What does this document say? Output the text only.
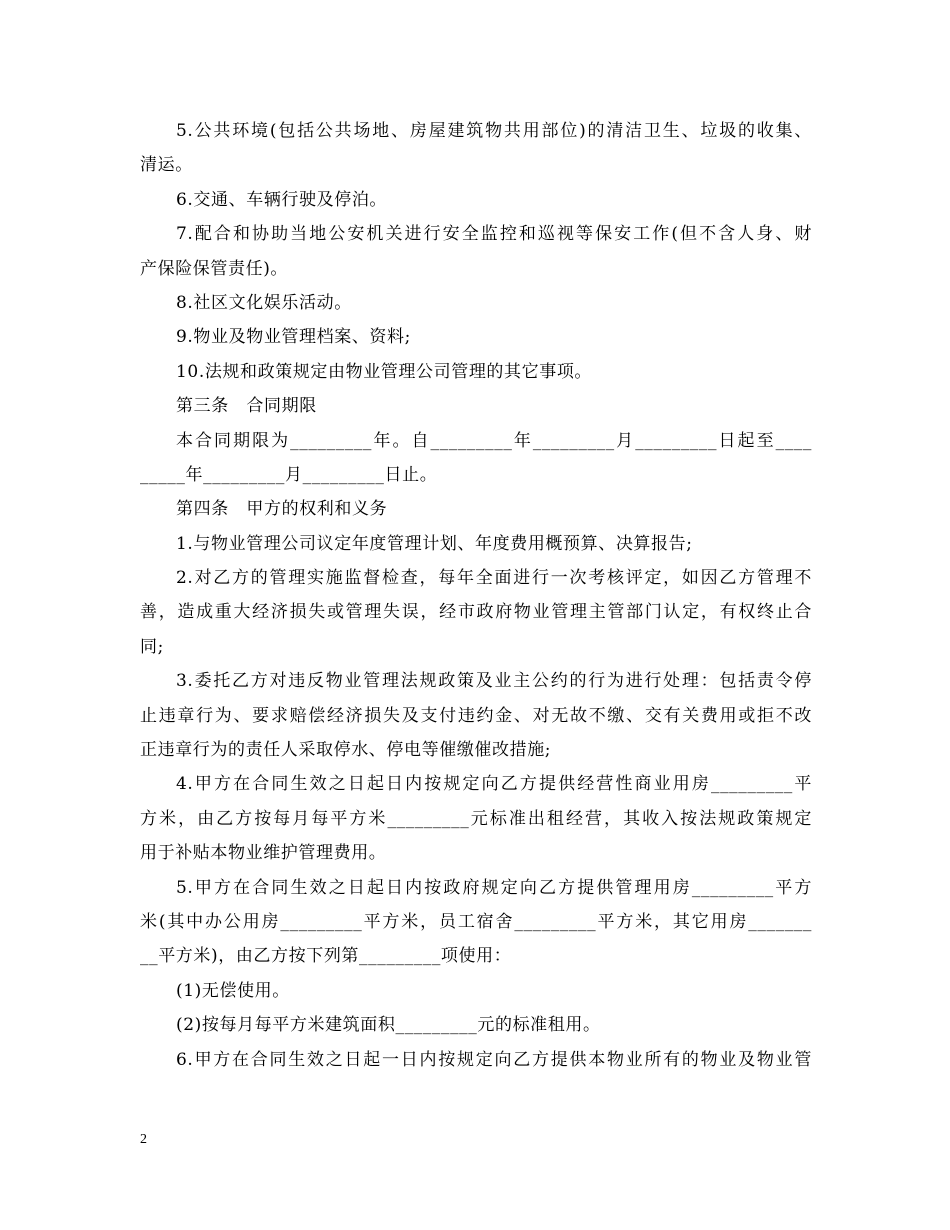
5.公共环境(包括公共场地、房屋建筑物共用部位)的清洁卫生、垃圾的收集、
清运。
6.交通、车辆行驶及停泊。
7.配合和协助当地公安机关进行安全监控和巡视等保安工作(但不含人身、财
产保险保管责任)。
8.社区文化娱乐活动。
9.物业及物业管理档案、资料;
10.法规和政策规定由物业管理公司管理的其它事项。
第三条　合同期限
本合同期限为_________年。自_________年_________月_________日起至____
_____年_________月_________日止。
第四条　甲方的权利和义务
1.与物业管理公司议定年度管理计划、年度费用概预算、决算报告;
2.对乙方的管理实施监督检查，每年全面进行一次考核评定，如因乙方管理不
善，造成重大经济损失或管理失误，经市政府物业管理主管部门认定，有权终止合
同;
3.委托乙方对违反物业管理法规政策及业主公约的行为进行处理：包括责令停
止违章行为、要求赔偿经济损失及支付违约金、对无故不缴、交有关费用或拒不改
正违章行为的责任人采取停水、停电等催缴催改措施;
4.甲方在合同生效之日起日内按规定向乙方提供经营性商业用房_________平
方米，由乙方按每月每平方米_________元标准出租经营，其收入按法规政策规定
用于补贴本物业维护管理费用。
5.甲方在合同生效之日起日内按政府规定向乙方提供管理用房_________平方
米(其中办公用房_________平方米，员工宿舍_________平方米，其它用房_______
__平方米)，由乙方按下列第_________项使用：
(1)无偿使用。
(2)按每月每平方米建筑面积_________元的标准租用。
6.甲方在合同生效之日起一日内按规定向乙方提供本物业所有的物业及物业管
2
